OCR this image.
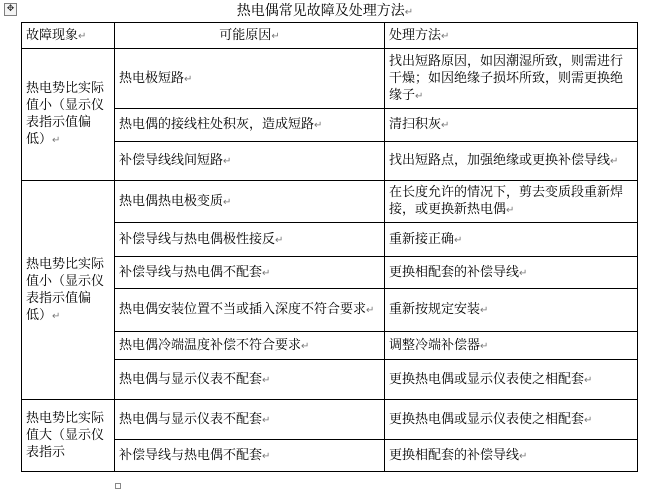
✥	热电偶常见故障及处理方法↵
故障现象↵	可能原因↵	处理方法↵
热电势比实际值小（显示仪表指示值偏低）↵	热电极短路↵	找出短路原因，如因潮湿所致，则需进行干燥；如因绝缘子损坏所致，则需更换绝缘子↵
	热电偶的接线柱处积灰，造成短路↵	清扫积灰↵
	补偿导线线间短路↵	找出短路点，加强绝缘或更换补偿导线↵
热电势比实际值小（显示仪表指示值偏低）↵	热电偶热电极变质↵	在长度允许的情况下，剪去变质段重新焊接，或更换新热电偶↵
	补偿导线与热电偶极性接反↵	重新接正确↵
	补偿导线与热电偶不配套↵	更换相配套的补偿导线↵
	热电偶安装位置不当或插入深度不符合要求↵	重新按规定安装↵
	热电偶冷端温度补偿不符合要求↵	调整冷端补偿器↵
	热电偶与显示仪表不配套↵	更换热电偶或显示仪表使之相配套↵
热电势比实际值大（显示仪表指示	热电偶与显示仪表不配套↵	更换热电偶或显示仪表使之相配套↵
	补偿导线与热电偶不配套↵	更换相配套的补偿导线↵
